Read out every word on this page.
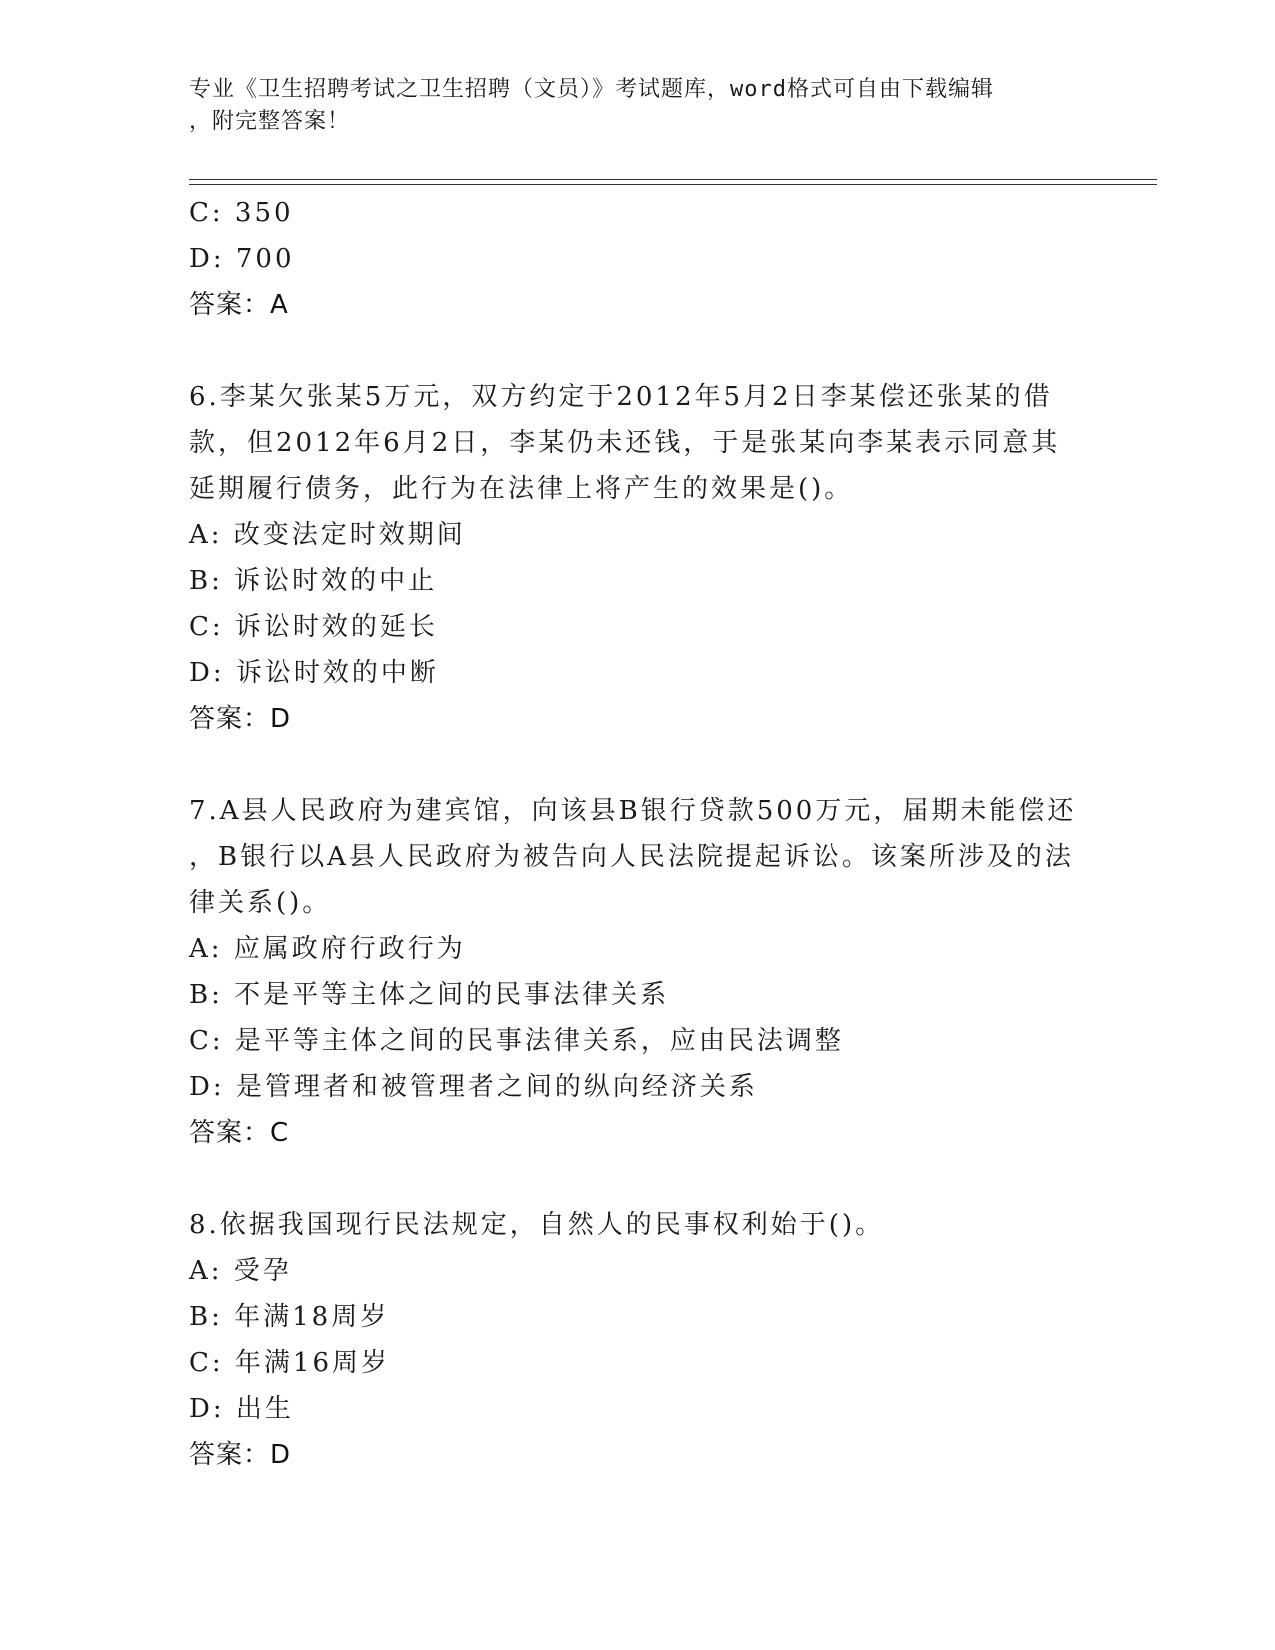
专业《卫生招聘考试之卫生招聘（文员）》考试题库，word格式可自由下载编辑
，附完整答案！
C: 350
D: 700
答案：A
6.李某欠张某5万元，双方约定于2012年5月2日李某偿还张某的借
款，但2012年6月2日，李某仍未还钱，于是张某向李某表示同意其
延期履行债务，此行为在法律上将产生的效果是()。
A: 改变法定时效期间
B: 诉讼时效的中止
C: 诉讼时效的延长
D: 诉讼时效的中断
答案：D
7.A县人民政府为建宾馆，向该县B银行贷款500万元，届期未能偿还
，B银行以A县人民政府为被告向人民法院提起诉讼。该案所涉及的法
律关系()。
A: 应属政府行政行为
B: 不是平等主体之间的民事法律关系
C: 是平等主体之间的民事法律关系，应由民法调整
D: 是管理者和被管理者之间的纵向经济关系
答案：C
8.依据我国现行民法规定，自然人的民事权利始于()。
A: 受孕
B: 年满18周岁
C: 年满16周岁
D: 出生
答案：D
